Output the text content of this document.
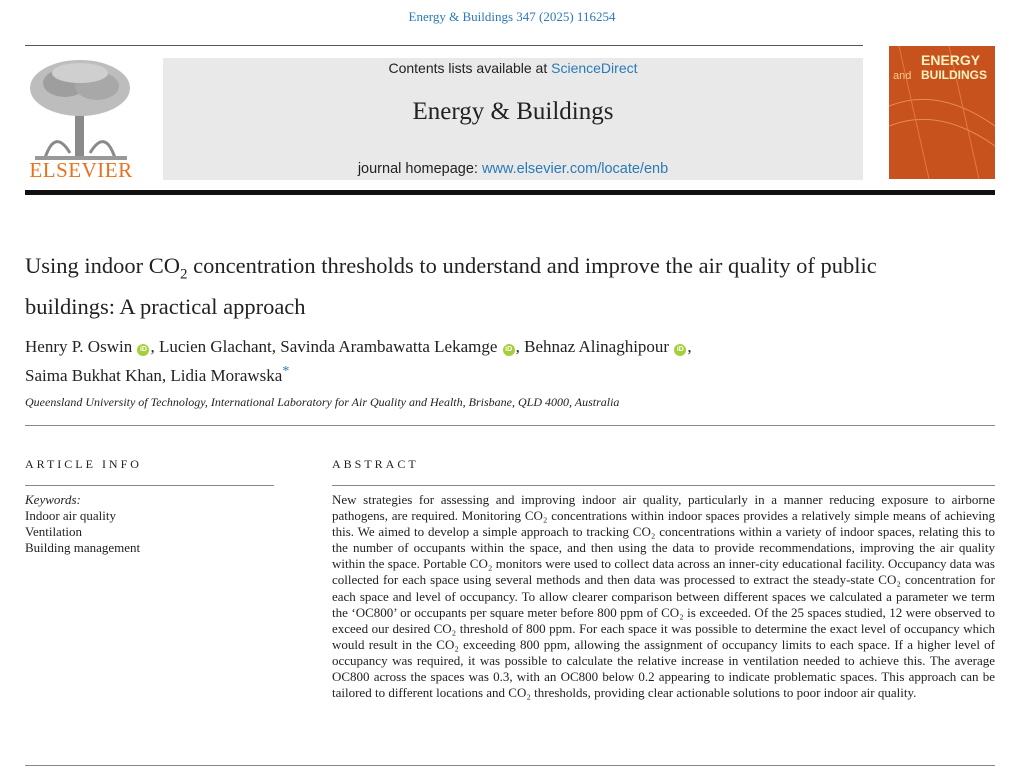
Energy & Buildings 347 (2025) 116254
ELSEVIER
Contents lists available at ScienceDirect
Energy & Buildings
journal homepage: www.elsevier.com/locate/enb
ENERGY
and BUILDINGS
Using indoor $CO_2$ concentration thresholds to understand and improve the air quality of public buildings: A practical approach
Henry P. Oswin iD , Lucien Glachant, Savinda Arambawatta Lekamge iD , Behnaz Alinaghipour iD ,
Saima Bukhat Khan, Lidia Morawska*
Queensland University of Technology, International Laboratory for Air Quality and Health, Brisbane, QLD 4000, Australia
ARTICLE INFO	ABSTRACT
Keywords:
Indoor air quality
Ventilation
Building management
New strategies for assessing and improving indoor air quality, particularly in a manner reducing exposure to airborne pathogens, are required. Monitoring CO₂ concentrations within indoor spaces provides a relatively simple means of achieving this. We aimed to develop a simple approach to tracking CO₂ concentrations within a variety of indoor spaces, relating this to the number of occupants within the space, and then using the data to provide recommendations, improving the air quality within the space. Portable CO₂ monitors were used to collect data across an inner-city educational facility. Occupancy data was collected for each space using several methods and then data was processed to extract the steady-state CO₂ concentration for each space and level of occupancy. To allow clearer comparison between different spaces we calculated a parameter we term the ‘OC800’ or occupants per square meter before 800 ppm of CO₂ is exceeded. Of the 25 spaces studied, 12 were observed to exceed our desired CO₂ threshold of 800 ppm. For each space it was possible to determine the exact level of occupancy which would result in the CO₂ exceeding 800 ppm, allowing the assignment of occupancy limits to each space. If a higher level of occupancy was required, it was possible to calculate the relative increase in ventilation needed to achieve this. The average OC800 across the spaces was 0.3, with an OC800 below 0.2 appearing to indicate problematic spaces. This approach can be tailored to different locations and CO₂ thresholds, providing clear actionable solutions to poor indoor air quality.
